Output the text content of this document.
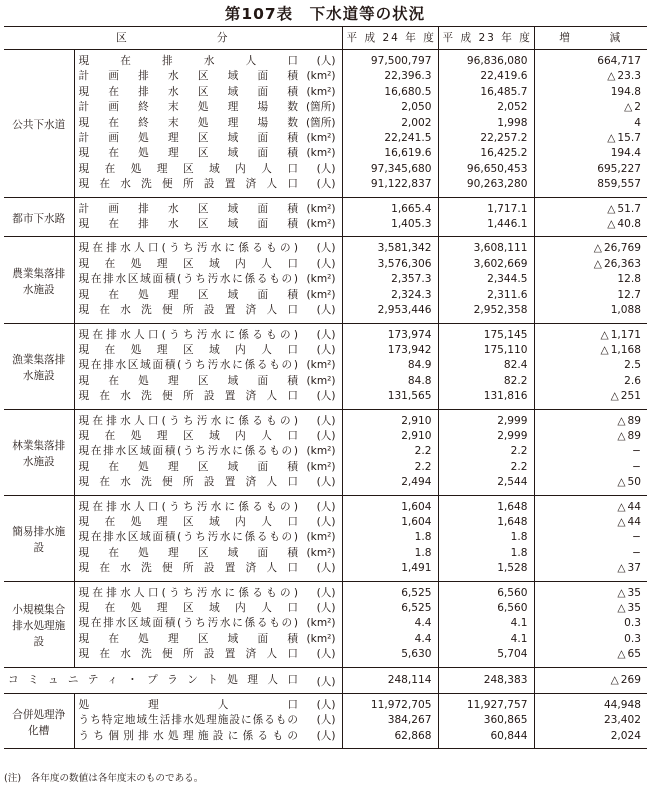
第107表　下水道等の状況
区　　　　　　　分			平 成 24 年 度	平 成 23 年 度	増　　　減
公共下水道	現在排水人口	(人)	97,500,797	96,836,080	664,717
	計画排水区域面積	(km²)	22,396.3	22,419.6	△ 23.3
	現在排水区域面積	(km²)	16,680.5	16,485.7	194.8
	計画終末処理場数	(箇所)	2,050	2,052	△ 2
	現在終末処理場数	(箇所)	2,002	1,998	4
	計画処理区域面積	(km²)	22,241.5	22,257.2	△ 15.7
	現在処理区域面積	(km²)	16,619.6	16,425.2	194.4
	現在処理区域内人口	(人)	97,345,680	96,650,453	695,227
	現在水洗便所設置済人口	(人)	91,122,837	90,263,280	859,557
都市下水路	計画排水区域面積	(km²)	1,665.4	1,717.1	△ 51.7
	現在排水区域面積	(km²)	1,405.3	1,446.1	△ 40.8
農業集落排水施設	現在排水人口(うち汚水に係るもの)	(人)	3,581,342	3,608,111	△ 26,769
	現在処理区域内人口	(人)	3,576,306	3,602,669	△ 26,363
	現在排水区域面積(うち汚水に係るもの)	(km²)	2,357.3	2,344.5	12.8
	現在処理区域面積	(km²)	2,324.3	2,311.6	12.7
	現在水洗便所設置済人口	(人)	2,953,446	2,952,358	1,088
漁業集落排水施設	現在排水人口(うち汚水に係るもの)	(人)	173,974	175,145	△ 1,171
	現在処理区域内人口	(人)	173,942	175,110	△ 1,168
	現在排水区域面積(うち汚水に係るもの)	(km²)	84.9	82.4	2.5
	現在処理区域面積	(km²)	84.8	82.2	2.6
	現在水洗便所設置済人口	(人)	131,565	131,816	△ 251
林業集落排水施設	現在排水人口(うち汚水に係るもの)	(人)	2,910	2,999	△ 89
	現在処理区域内人口	(人)	2,910	2,999	△ 89
	現在排水区域面積(うち汚水に係るもの)	(km²)	2.2	2.2	−
	現在処理区域面積	(km²)	2.2	2.2	−
	現在水洗便所設置済人口	(人)	2,494	2,544	△ 50
簡易排水施設	現在排水人口(うち汚水に係るもの)	(人)	1,604	1,648	△ 44
	現在処理区域内人口	(人)	1,604	1,648	△ 44
	現在排水区域面積(うち汚水に係るもの)	(km²)	1.8	1.8	−
	現在処理区域面積	(km²)	1.8	1.8	−
	現在水洗便所設置済人口	(人)	1,491	1,528	△ 37
小規模集合排水処理施設	現在排水人口(うち汚水に係るもの)	(人)	6,525	6,560	△ 35
	現在処理区域内人口	(人)	6,525	6,560	△ 35
	現在排水区域面積(うち汚水に係るもの)	(km²)	4.4	4.1	0.3
	現在処理区域面積	(km²)	4.4	4.1	0.3
	現在水洗便所設置済人口	(人)	5,630	5,704	△ 65
コミュニティ・プラント処理人口		(人)	248,114	248,383	△ 269
合併処理浄化槽	処理人口	(人)	11,972,705	11,927,757	44,948
	うち特定地域生活排水処理施設に係るもの	(人)	384,267	360,865	23,402
	うち個別排水処理施設に係るもの	(人)	62,868	60,844	2,024
(注)　各年度の数値は各年度末のものである。
